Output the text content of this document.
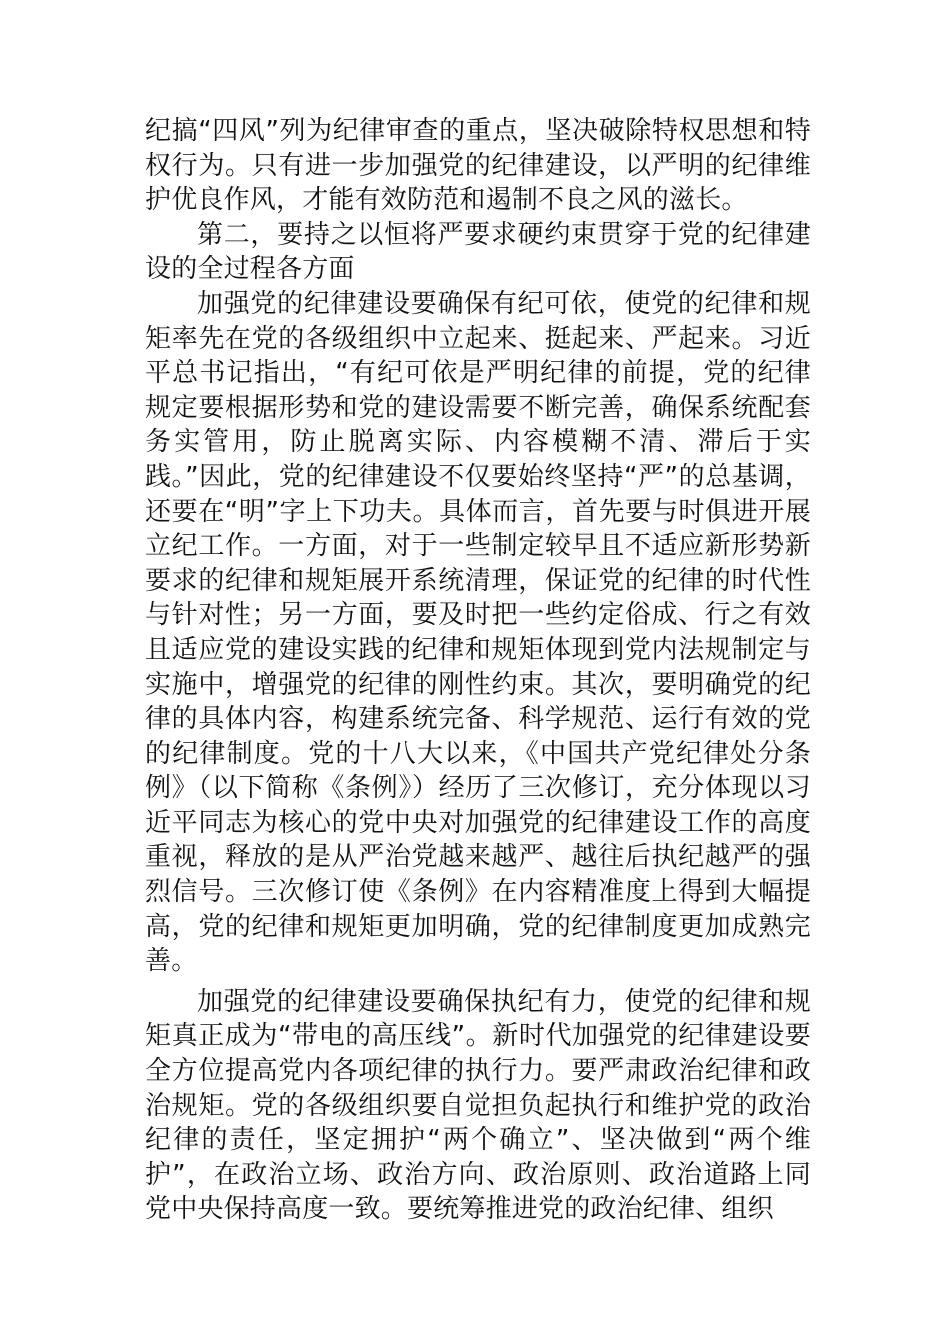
纪搞“四风”列为纪律审查的重点，坚决破除特权思想和特权行为。只有进一步加强党的纪律建设，以严明的纪律维护优良作风，才能有效防范和遏制不良之风的滋长。

第二，要持之以恒将严要求硬约束贯穿于党的纪律建设的全过程各方面

加强党的纪律建设要确保有纪可依，使党的纪律和规矩率先在党的各级组织中立起来、挺起来、严起来。习近平总书记指出，“有纪可依是严明纪律的前提，党的纪律规定要根据形势和党的建设需要不断完善，确保系统配套务实管用，防止脱离实际、内容模糊不清、滞后于实践。”因此，党的纪律建设不仅要始终坚持“严”的总基调，还要在“明”字上下功夫。具体而言，首先要与时俱进开展立纪工作。一方面，对于一些制定较早且不适应新形势新要求的纪律和规矩展开系统清理，保证党的纪律的时代性与针对性；另一方面，要及时把一些约定俗成、行之有效且适应党的建设实践的纪律和规矩体现到党内法规制定与实施中，增强党的纪律的刚性约束。其次，要明确党的纪律的具体内容，构建系统完备、科学规范、运行有效的党的纪律制度。党的十八大以来，《中国共产党纪律处分条例》（以下简称《条例》）经历了三次修订，充分体现以习近平同志为核心的党中央对加强党的纪律建设工作的高度重视，释放的是从严治党越来越严、越往后执纪越严的强烈信号。三次修订使《条例》在内容精准度上得到大幅提高，党的纪律和规矩更加明确，党的纪律制度更加成熟完善。

加强党的纪律建设要确保执纪有力，使党的纪律和规矩真正成为“带电的高压线”。新时代加强党的纪律建设要全方位提高党内各项纪律的执行力。要严肃政治纪律和政治规矩。党的各级组织要自觉担负起执行和维护党的政治纪律的责任，坚定拥护“两个确立”、坚决做到“两个维护”，在政治立场、政治方向、政治原则、政治道路上同党中央保持高度一致。要统筹推进党的政治纪律、组织
